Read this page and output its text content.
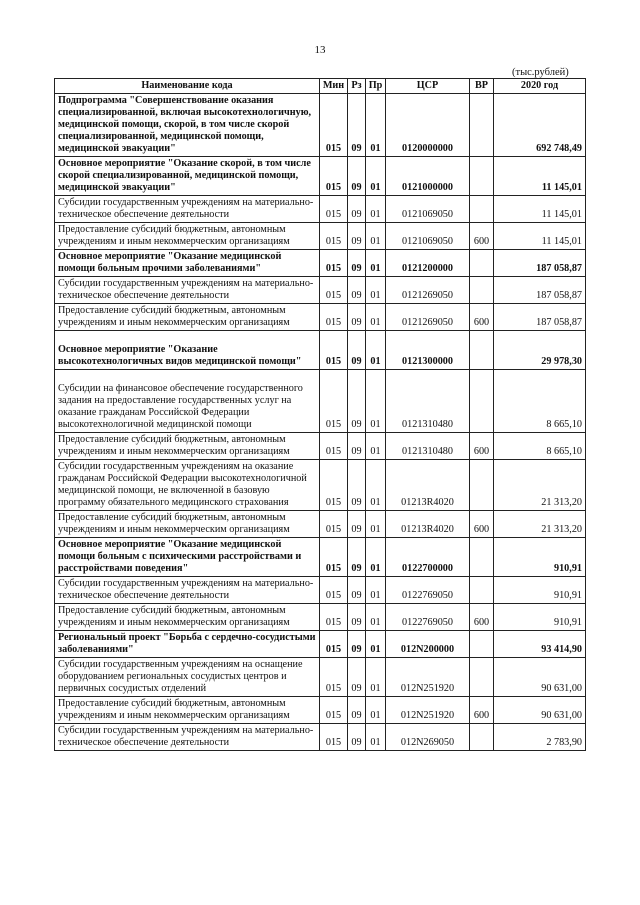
13
(тыс.рублей)
Наименование кода	Мин	Рз	Пр	ЦСР	ВР	2020 год
Подпрограмма "Совершенствование оказания специализированной, включая высокотехнологичную, медицинской помощи, скорой, в том числе скорой специализированной, медицинской помощи, медицинской эвакуации"	015	09	01	0120000000		692 748,49
Основное мероприятие "Оказание скорой, в том числе скорой специализированной, медицинской помощи, медицинской эвакуации"	015	09	01	0121000000		11 145,01
Субсидии государственным учреждениям на материально-техническое обеспечение деятельности	015	09	01	0121069050		11 145,01
Предоставление субсидий бюджетным, автономным учреждениям и иным некоммерческим организациям	015	09	01	0121069050	600	11 145,01
Основное мероприятие "Оказание медицинской помощи больным прочими заболеваниями"	015	09	01	0121200000		187 058,87
Субсидии государственным учреждениям на материально-техническое обеспечение деятельности	015	09	01	0121269050		187 058,87
Предоставление субсидий бюджетным, автономным учреждениям и иным некоммерческим организациям	015	09	01	0121269050	600	187 058,87
Основное мероприятие "Оказание высокотехнологичных видов медицинской помощи"	015	09	01	0121300000		29 978,30
Субсидии на финансовое обеспечение государственного задания на предоставление государственных услуг на оказание гражданам Российской Федерации высокотехнологичной медицинской помощи	015	09	01	0121310480		8 665,10
Предоставление субсидий бюджетным, автономным учреждениям и иным некоммерческим организациям	015	09	01	0121310480	600	8 665,10
Субсидии государственным учреждениям на оказание гражданам Российской Федерации высокотехнологичной медицинской помощи, не включенной в базовую программу обязательного медицинского страхования	015	09	01	01213R4020		21 313,20
Предоставление субсидий бюджетным, автономным учреждениям и иным некоммерческим организациям	015	09	01	01213R4020	600	21 313,20
Основное мероприятие "Оказание медицинской помощи больным с психическими расстройствами и расстройствами поведения"	015	09	01	0122700000		910,91
Субсидии государственным учреждениям на материально-техническое обеспечение деятельности	015	09	01	0122769050		910,91
Предоставление субсидий бюджетным, автономным учреждениям и иным некоммерческим организациям	015	09	01	0122769050	600	910,91
Региональный проект "Борьба с сердечно-сосудистыми заболеваниями"	015	09	01	012N200000		93 414,90
Субсидии государственным учреждениям на оснащение оборудованием региональных сосудистых центров и первичных сосудистых отделений	015	09	01	012N251920		90 631,00
Предоставление субсидий бюджетным, автономным учреждениям и иным некоммерческим организациям	015	09	01	012N251920	600	90 631,00
Субсидии государственным учреждениям на материально-техническое обеспечение деятельности	015	09	01	012N269050		2 783,90
